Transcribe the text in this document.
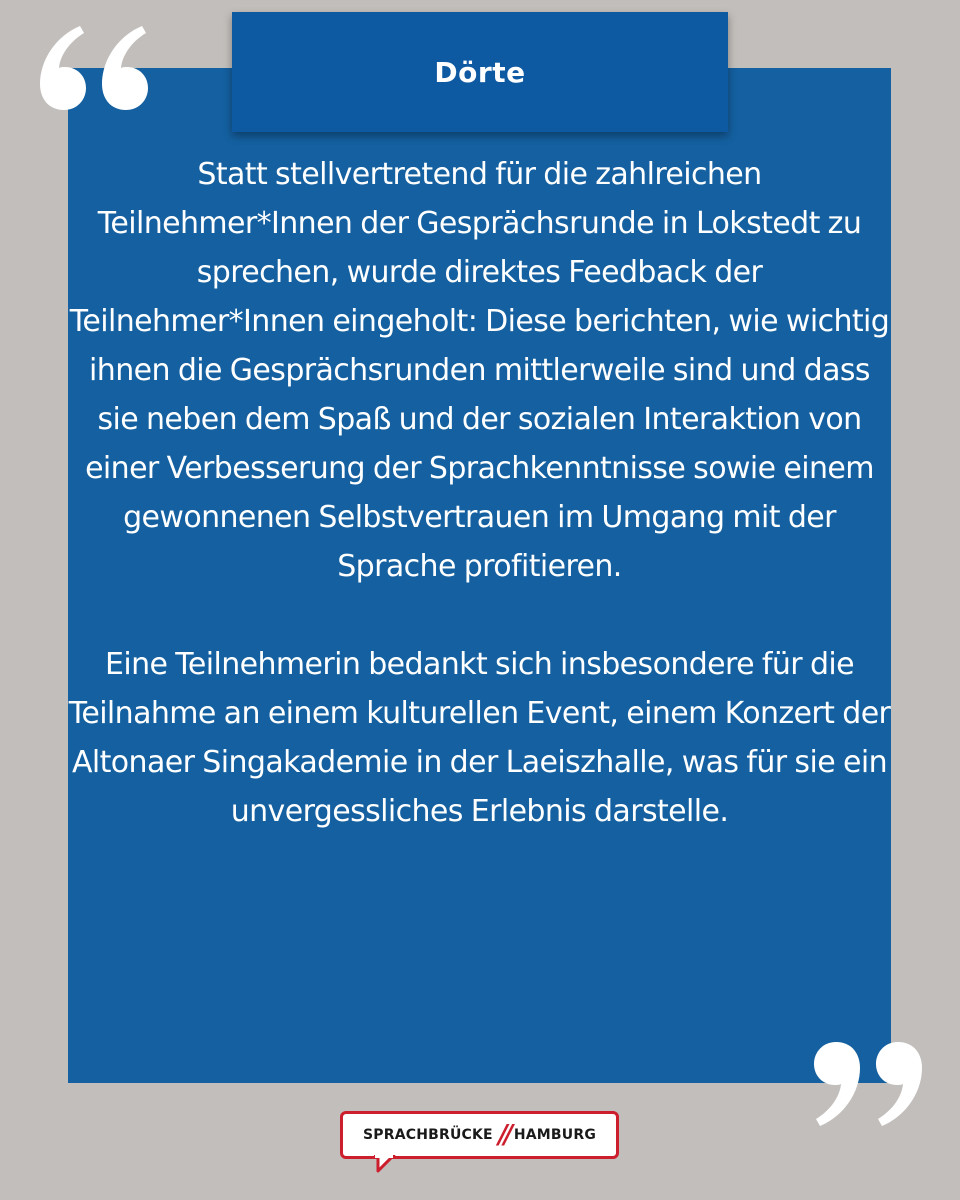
Dörte

Statt stellvertretend für die zahlreichen Teilnehmer*Innen der Gesprächsrunde in Lokstedt zu sprechen, wurde direktes Feedback der Teilnehmer*Innen eingeholt: Diese berichten, wie wichtig ihnen die Gesprächsrunden mittlerweile sind und dass sie neben dem Spaß und der sozialen Interaktion von einer Verbesserung der Sprachkenntnisse sowie einem gewonnenen Selbstvertrauen im Umgang mit der Sprache profitieren.

Eine Teilnehmerin bedankt sich insbesondere für die Teilnahme an einem kulturellen Event, einem Konzert der Altonaer Singakademie in der Laeiszhalle, was für sie ein unvergessliches Erlebnis darstelle.

SPRACHBRÜCKE // HAMBURG
